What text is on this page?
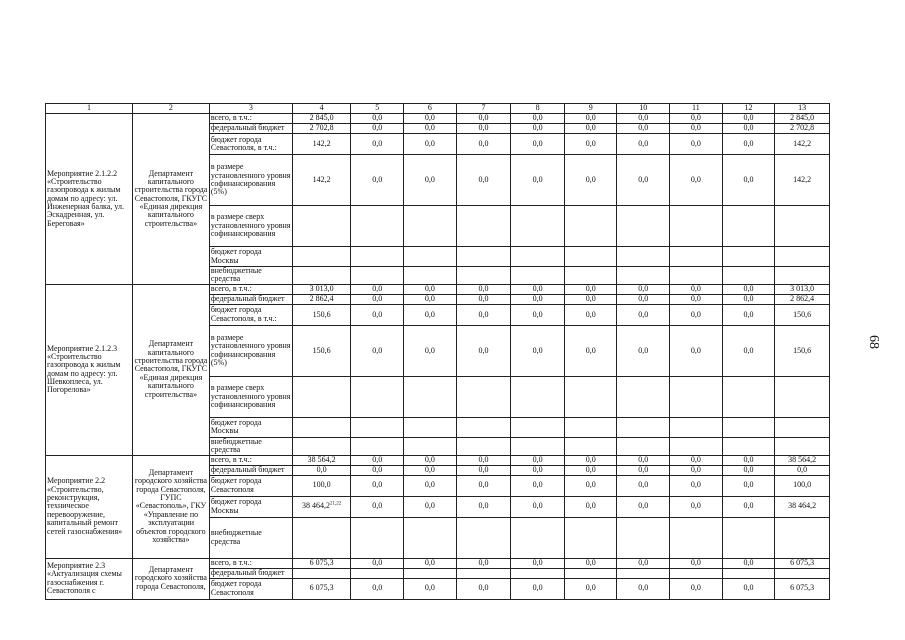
1	2	3	4	5	6	7	8	9	10	11	12	13
Мероприятие 2.1.2.2 «Строительство газопровода к жилым домам по адресу: ул. Инженерная балка, ул. Эскадренная, ул. Береговая»	Департамент капитального строительства города Севастополя, ГКУГС «Единая дирекция капитального строительства»	всего, в т.ч.:	2 845,0	0,0	0,0	0,0	0,0	0,0	0,0	0,0	0,0	2 845,0
		федеральный бюджет	2 702,8	0,0	0,0	0,0	0,0	0,0	0,0	0,0	0,0	2 702,8
		бюджет города Севастополя, в т.ч.:	142,2	0,0	0,0	0,0	0,0	0,0	0,0	0,0	0,0	142,2
		в размере установленного уровня софинансирования (5%)	142,2	0,0	0,0	0,0	0,0	0,0	0,0	0,0	0,0	142,2
		в размере сверх установленного уровня софинансирования										
		бюджет города Москвы										
		внебюджетные средства										
Мероприятие 2.1.2.3 «Строительство газопровода к жилым домам по адресу: ул. Шевкоплеса, ул. Погорелова»	Департамент капитального строительства города Севастополя, ГКУГС «Единая дирекция капитального строительства»	всего, в т.ч.:	3 013,0	0,0	0,0	0,0	0,0	0,0	0,0	0,0	0,0	3 013,0
		федеральный бюджет	2 862,4	0,0	0,0	0,0	0,0	0,0	0,0	0,0	0,0	2 862,4
		бюджет города Севастополя, в т.ч.:	150,6	0,0	0,0	0,0	0,0	0,0	0,0	0,0	0,0	150,6
		в размере установленного уровня софинансирования (5%)	150,6	0,0	0,0	0,0	0,0	0,0	0,0	0,0	0,0	150,6
		в размере сверх установленного уровня софинансирования										
		бюджет города Москвы										
		внебюджетные средства										
Мероприятие 2.2 «Строительство, реконструкция, техническое перевооружение, капитальный ремонт сетей газоснабжения»	Департамент городского хозяйства города Севастополя, ГУПС «Севастополь», ГКУ «Управление по эксплуатации объектов городского хозяйства»	всего, в т.ч.:	38 564,2	0,0	0,0	0,0	0,0	0,0	0,0	0,0	0,0	38 564,2
		федеральный бюджет	0,0	0,0	0,0	0,0	0,0	0,0	0,0	0,0	0,0	0,0
		бюджет города Севастополя	100,0	0,0	0,0	0,0	0,0	0,0	0,0	0,0	0,0	100,0
		бюджет города Москвы	38 464,2$^{21,22}$	0,0	0,0	0,0	0,0	0,0	0,0	0,0	0,0	38 464,2
		внебюджетные средства										
Мероприятие 2.3 «Актуализация схемы газоснабжения г. Севастополя с	Департамент городского хозяйства города Севастополя,	всего, в т.ч.:	6 075,3	0,0	0,0	0,0	0,0	0,0	0,0	0,0	0,0	6 075,3
		федеральный бюджет										
		бюджет города Севастополя	6 075,3	0,0	0,0	0,0	0,0	0,0	0,0	0,0	0,0	6 075,3
68
